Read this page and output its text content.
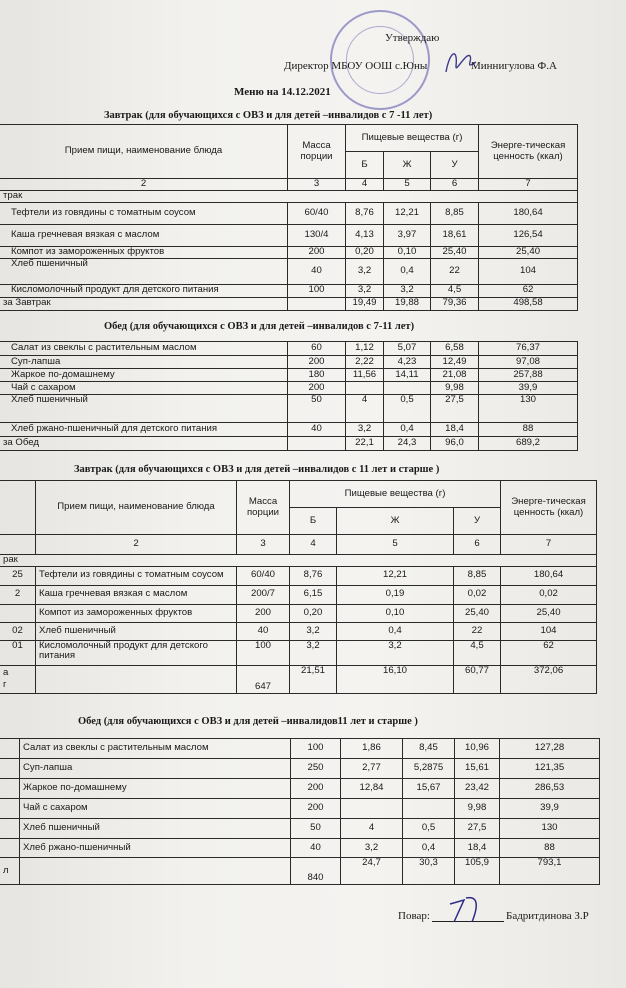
Утверждаю
Директор МБОУ ООШ с.Юны	Миннигулова Ф.А
Меню на 14.12.2021
Завтрак (для обучающихся с ОВЗ и для детей –инвалидов с 7 -11 лет)
Прием пищи, наименование блюда	Масса порции	Пищевые вещества (г)			Энерге-тическая ценность (ккал)
		Б	Ж	У	
2	3	4	5	6	7
трак					
Тефтели из говядины с томатным соусом	60/40	8,76	12,21	8,85	180,64
Каша гречневая вязкая с маслом	130/4	4,13	3,97	18,61	126,54
Компот из замороженных фруктов	200	0,20	0,10	25,40	25,40
Хлеб пшеничный	40	3,2	0,4	22	104
Кисломолочный продукт для детского питания	100	3,2	3,2	4,5	62
за Завтрак		19,49	19,88	79,36	498,58
Обед (для обучающихся с ОВЗ и для детей –инвалидов с 7-11 лет)
Салат из свеклы с растительным маслом	60	1,12	5,07	6,58	76,37
Суп-лапша	200	2,22	4,23	12,49	97,08
Жаркое по-домашнему	180	11,56	14,11	21,08	257,88
Чай с сахаром	200			9,98	39,9
Хлеб пшеничный	50	4	0,5	27,5	130
Хлеб ржано-пшеничный для детского питания	40	3,2	0,4	18,4	88
за Обед		22,1	24,3	96,0	689,2
Завтрак (для обучающихся с ОВЗ и для детей –инвалидов с 11 лет и старше )
	Прием пищи, наименование блюда	Масса порции	Пищевые вещества (г)			Энерге-тическая ценность (ккал)
			Б	Ж	У	
	2	3	4	5	6	7
рак						
25	Тефтели из говядины с томатным соусом	60/40	8,76	12,21	8,85	180,64
2	Каша гречневая вязкая с маслом	200/7	6,15	0,19	0,02	0,02
	Компот из замороженных фруктов	200	0,20	0,10	25,40	25,40
02	Хлеб пшеничный	40	3,2	0,4	22	104
01	Кисломолочный продукт для детского питания	100	3,2	3,2	4,5	62

а
г		647	21,51	16,10	60,77	372,06
Обед (для обучающихся с ОВЗ и для детей –инвалидов11 лет и старше )
	Салат из свеклы с растительным маслом	100	1,86	8,45	10,96	127,28
	Суп-лапша	250	2,77	5,2875	15,61	121,35
	Жаркое по-домашнему	200	12,84	15,67	23,42	286,53
	Чай с сахаром	200			9,98	39,9
	Хлеб пшеничный	50	4	0,5	27,5	130
	Хлеб ржано-пшеничный	40	3,2	0,4	18,4	88
л		840	24,7	30,3	105,9	793,1
Повар:	Бадритдинова З.Р
